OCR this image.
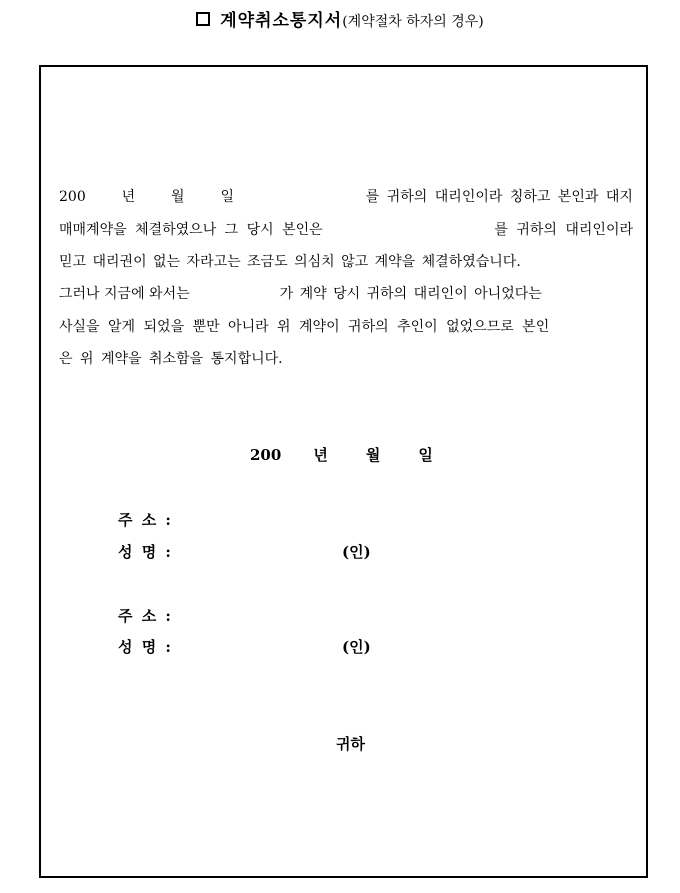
계약취소통지서(계약절차 하자의 경우)
200	년	월	일	를 귀하의 대리인이라 칭하고 본인과 대지
매매계약을 체결하였으나 그 당시 본인은	를 귀하의 대리인이라
믿고 대리권이 없는 자라고는 조금도 의심치 않고 계약을 체결하였습니다.
그러나 지금에 와서는	가 계약 당시 귀하의 대리인이 아니었다는
사실을 알게 되었을 뿐만 아니라 위 계약이 귀하의 추인이 없었으므로 본인
은 위 계약을 취소함을 통지합니다.
200 년	월	일
주 소 :
성 명 :	(인)
주 소 :
성 명 :	(인)
귀하
